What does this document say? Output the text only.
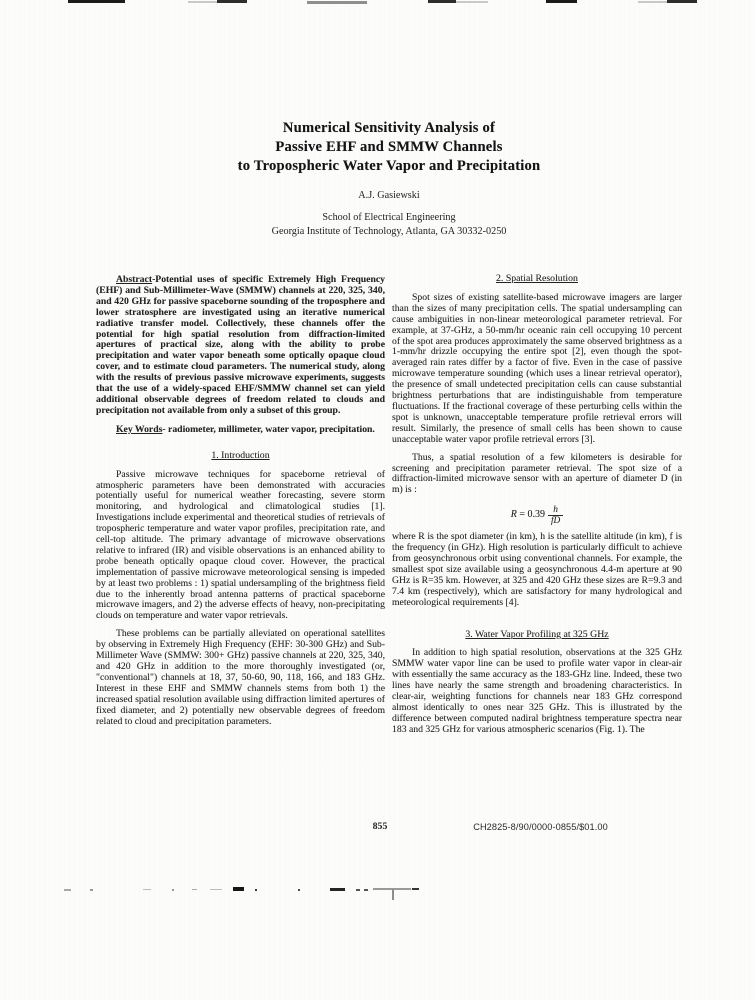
Numerical Sensitivity Analysis of
Passive EHF and SMMW Channels
to Tropospheric Water Vapor and Precipitation
A.J. Gasiewski
School of Electrical Engineering
Georgia Institute of Technology, Atlanta, GA 30332-0250

Abstract-Potential uses of specific Extremely High Frequency (EHF) and Sub-Millimeter-Wave (SMMW) channels at 220, 325, 340, and 420 GHz for passive spaceborne sounding of the troposphere and lower stratosphere are investigated using an iterative numerical radiative transfer model. Collectively, these channels offer the potential for high spatial resolution from diffraction-limited apertures of practical size, along with the ability to probe precipitation and water vapor beneath some optically opaque cloud cover, and to estimate cloud parameters. The numerical study, along with the results of previous passive microwave experiments, suggests that the use of a widely-spaced EHF/SMMW channel set can yield additional observable degrees of freedom related to clouds and precipitation not available from only a subset of this group.

Key Words- radiometer, millimeter, water vapor, precipitation.

1. Introduction

Passive microwave techniques for spaceborne retrieval of atmospheric parameters have been demonstrated with accuracies potentially useful for numerical weather forecasting, severe storm monitoring, and hydrological and climatological studies [1]. Investigations include experimental and theoretical studies of retrievals of tropospheric temperature and water vapor profiles, precipitation rate, and cell-top altitude. The primary advantage of microwave observations relative to infrared (IR) and visible observations is an enhanced ability to probe beneath optically opaque cloud cover. However, the practical implementation of passive microwave meteorological sensing is impeded by at least two problems : 1) spatial undersampling of the brightness field due to the inherently broad antenna patterns of practical spaceborne microwave imagers, and 2) the adverse effects of heavy, non-precipitating clouds on temperature and water vapor retrievals.

These problems can be partially alleviated on operational satellites by observing in Extremely High Frequency (EHF: 30-300 GHz) and Sub-Millimeter Wave (SMMW: 300+ GHz) passive channels at 220, 325, 340, and 420 GHz in addition to the more thoroughly investigated (or, "conventional") channels at 18, 37, 50-60, 90, 118, 166, and 183 GHz. Interest in these EHF and SMMW channels stems from both 1) the increased spatial resolution available using diffraction limited apertures of fixed diameter, and 2) potentially new observable degrees of freedom related to cloud and precipitation parameters.

2. Spatial Resolution

Spot sizes of existing satellite-based microwave imagers are larger than the sizes of many precipitation cells. The spatial undersampling can cause ambiguities in non-linear meteorological parameter retrieval. For example, at 37-GHz, a 50-mm/hr oceanic rain cell occupying 10 percent of the spot area produces approximately the same observed brightness as a 1-mm/hr drizzle occupying the entire spot [2], even though the spot-averaged rain rates differ by a factor of five. Even in the case of passive microwave temperature sounding (which uses a linear retrieval operator), the presence of small undetected precipitation cells can cause substantial brightness perturbations that are indistinguishable from temperature fluctuations. If the fractional coverage of these perturbing cells within the spot is unknown, unacceptable temperature profile retrieval errors will result. Similarly, the presence of small cells has been shown to cause unacceptable water vapor profile retrieval errors [3].

Thus, a spatial resolution of a few kilometers is desirable for screening and precipitation parameter retrieval. The spot size of a diffraction-limited microwave sensor with an aperture of diameter D (in m) is :

$R = 0.39 \frac{h}{fD}$

where R is the spot diameter (in km), h is the satellite altitude (in km), f is the frequency (in GHz). High resolution is particularly difficult to achieve from geosynchronous orbit using conventional channels. For example, the smallest spot size available using a geosynchronous 4.4-m aperture at 90 GHz is R=35 km. However, at 325 and 420 GHz these sizes are R=9.3 and 7.4 km (respectively), which are satisfactory for many hydrological and meteorological requirements [4].

3. Water Vapor Profiling at 325 GHz

In addition to high spatial resolution, observations at the 325 GHz SMMW water vapor line can be used to profile water vapor in clear-air with essentially the same accuracy as the 183-GHz line. Indeed, these two lines have nearly the same strength and broadening characteristics. In clear-air, weighting functions for channels near 183 GHz correspond almost identically to ones near 325 GHz. This is illustrated by the difference between computed nadiral brightness temperature spectra near 183 and 325 GHz for various atmospheric scenarios (Fig. 1). The

855	CH2825-8/90/0000-0855/$01.00
